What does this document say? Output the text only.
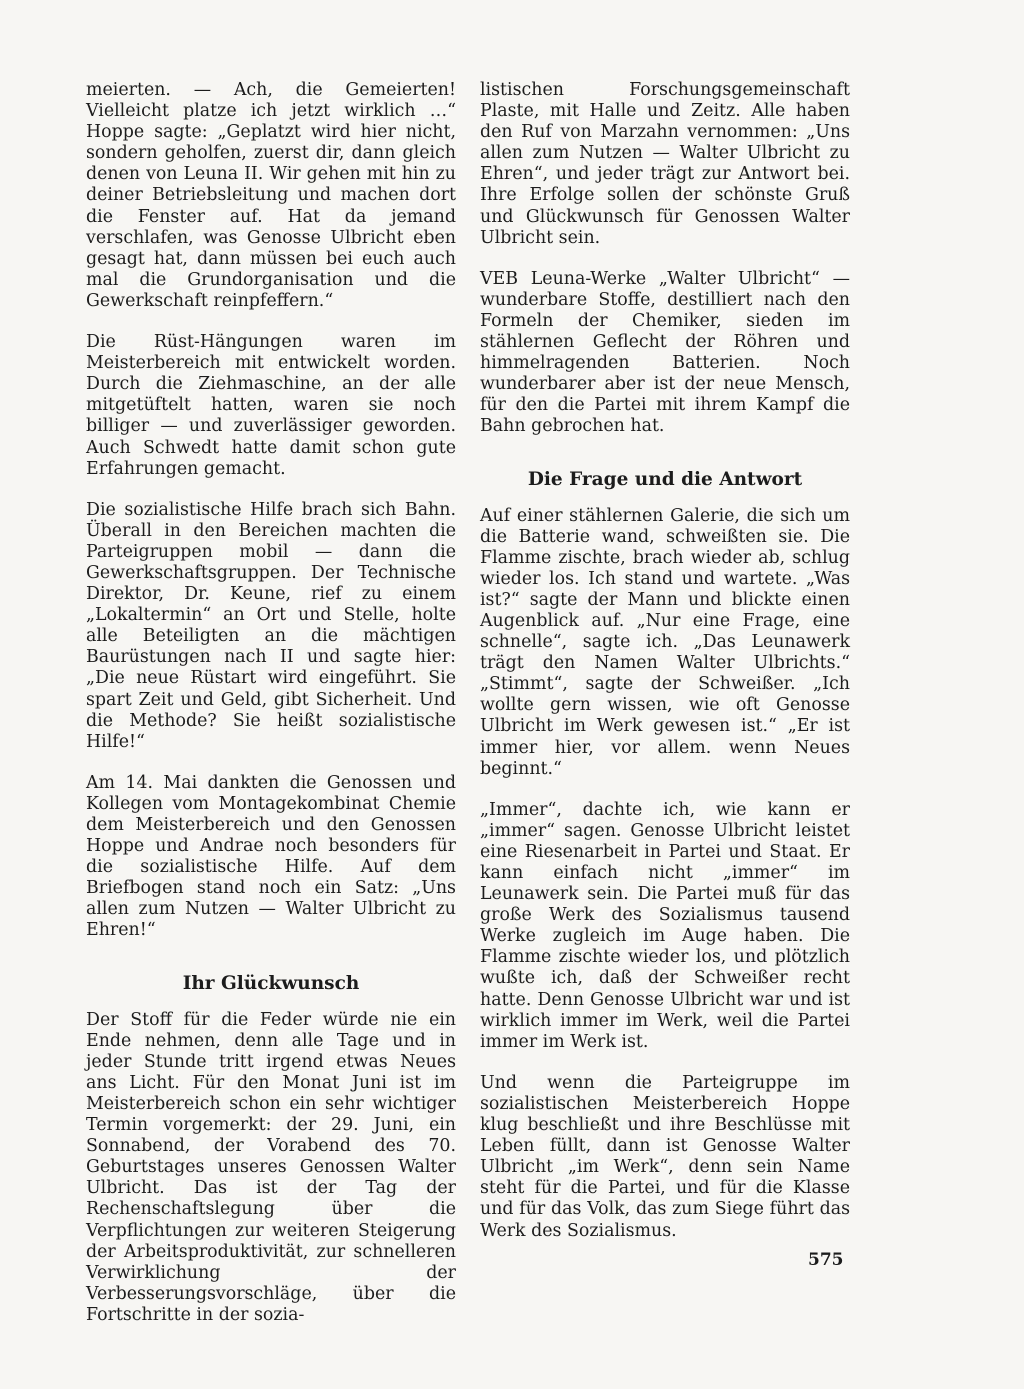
meierten. — Ach, die Gemeierten! Vielleicht platze ich jetzt wirklich …“ Hoppe sagte: „Geplatzt wird hier nicht, sondern geholfen, zuerst dir, dann gleich denen von Leuna II. Wir gehen mit hin zu deiner Betriebsleitung und machen dort die Fenster auf. Hat da jemand verschlafen, was Genosse Ulbricht eben gesagt hat, dann müssen bei euch auch mal die Grundorganisation und die Gewerkschaft reinpfeffern.“

Die Rüst-Hängungen waren im Meisterbereich mit entwickelt worden. Durch die Ziehmaschine, an der alle mitgetüftelt hatten, waren sie noch billiger — und zuverlässiger geworden. Auch Schwedt hatte damit schon gute Erfahrungen gemacht.

Die sozialistische Hilfe brach sich Bahn. Überall in den Bereichen machten die Parteigruppen mobil — dann die Gewerkschaftsgruppen. Der Technische Direktor, Dr. Keune, rief zu einem „Lokaltermin“ an Ort und Stelle, holte alle Beteiligten an die mächtigen Baurüstungen nach II und sagte hier: „Die neue Rüstart wird eingeführt. Sie spart Zeit und Geld, gibt Sicherheit. Und die Methode? Sie heißt sozialistische Hilfe!“

Am 14. Mai dankten die Genossen und Kollegen vom Montagekombinat Chemie dem Meisterbereich und den Genossen Hoppe und Andrae noch besonders für die sozialistische Hilfe. Auf dem Briefbogen stand noch ein Satz: „Uns allen zum Nutzen — Walter Ulbricht zu Ehren!“

Ihr Glückwunsch

Der Stoff für die Feder würde nie ein Ende nehmen, denn alle Tage und in jeder Stunde tritt irgend etwas Neues ans Licht. Für den Monat Juni ist im Meisterbereich schon ein sehr wichtiger Termin vorgemerkt: der 29. Juni, ein Sonnabend, der Vorabend des 70. Geburtstages unseres Genossen Walter Ulbricht. Das ist der Tag der Rechenschaftslegung über die Verpflichtungen zur weiteren Steigerung der Arbeitsproduktivität, zur schnelleren Verwirklichung der Verbesserungsvorschläge, über die Fortschritte in der sozia-

listischen Forschungsgemeinschaft Plaste, mit Halle und Zeitz. Alle haben den Ruf von Marzahn vernommen: „Uns allen zum Nutzen — Walter Ulbricht zu Ehren“, und jeder trägt zur Antwort bei. Ihre Erfolge sollen der schönste Gruß und Glückwunsch für Genossen Walter Ulbricht sein.

VEB Leuna-Werke „Walter Ulbricht“ — wunderbare Stoffe, destilliert nach den Formeln der Chemiker, sieden im stählernen Geflecht der Röhren und himmelragenden Batterien. Noch wunderbarer aber ist der neue Mensch, für den die Partei mit ihrem Kampf die Bahn gebrochen hat.

Die Frage und die Antwort

Auf einer stählernen Galerie, die sich um die Batterie wand, schweißten sie. Die Flamme zischte, brach wieder ab, schlug wieder los. Ich stand und wartete. „Was ist?“ sagte der Mann und blickte einen Augenblick auf. „Nur eine Frage, eine schnelle“, sagte ich. „Das Leunawerk trägt den Namen Walter Ulbrichts.“ „Stimmt“, sagte der Schweißer. „Ich wollte gern wissen, wie oft Genosse Ulbricht im Werk gewesen ist.“ „Er ist immer hier, vor allem. wenn Neues beginnt.“

„Immer“, dachte ich, wie kann er „immer“ sagen. Genosse Ulbricht leistet eine Riesenarbeit in Partei und Staat. Er kann einfach nicht „immer“ im Leunawerk sein. Die Partei muß für das große Werk des Sozialismus tausend Werke zugleich im Auge haben. Die Flamme zischte wieder los, und plötzlich wußte ich, daß der Schweißer recht hatte. Denn Genosse Ulbricht war und ist wirklich immer im Werk, weil die Partei immer im Werk ist.

Und wenn die Parteigruppe im sozialistischen Meisterbereich Hoppe klug beschließt und ihre Beschlüsse mit Leben füllt, dann ist Genosse Walter Ulbricht „im Werk“, denn sein Name steht für die Partei, und für die Klasse und für das Volk, das zum Siege führt das Werk des Sozialismus.

575
